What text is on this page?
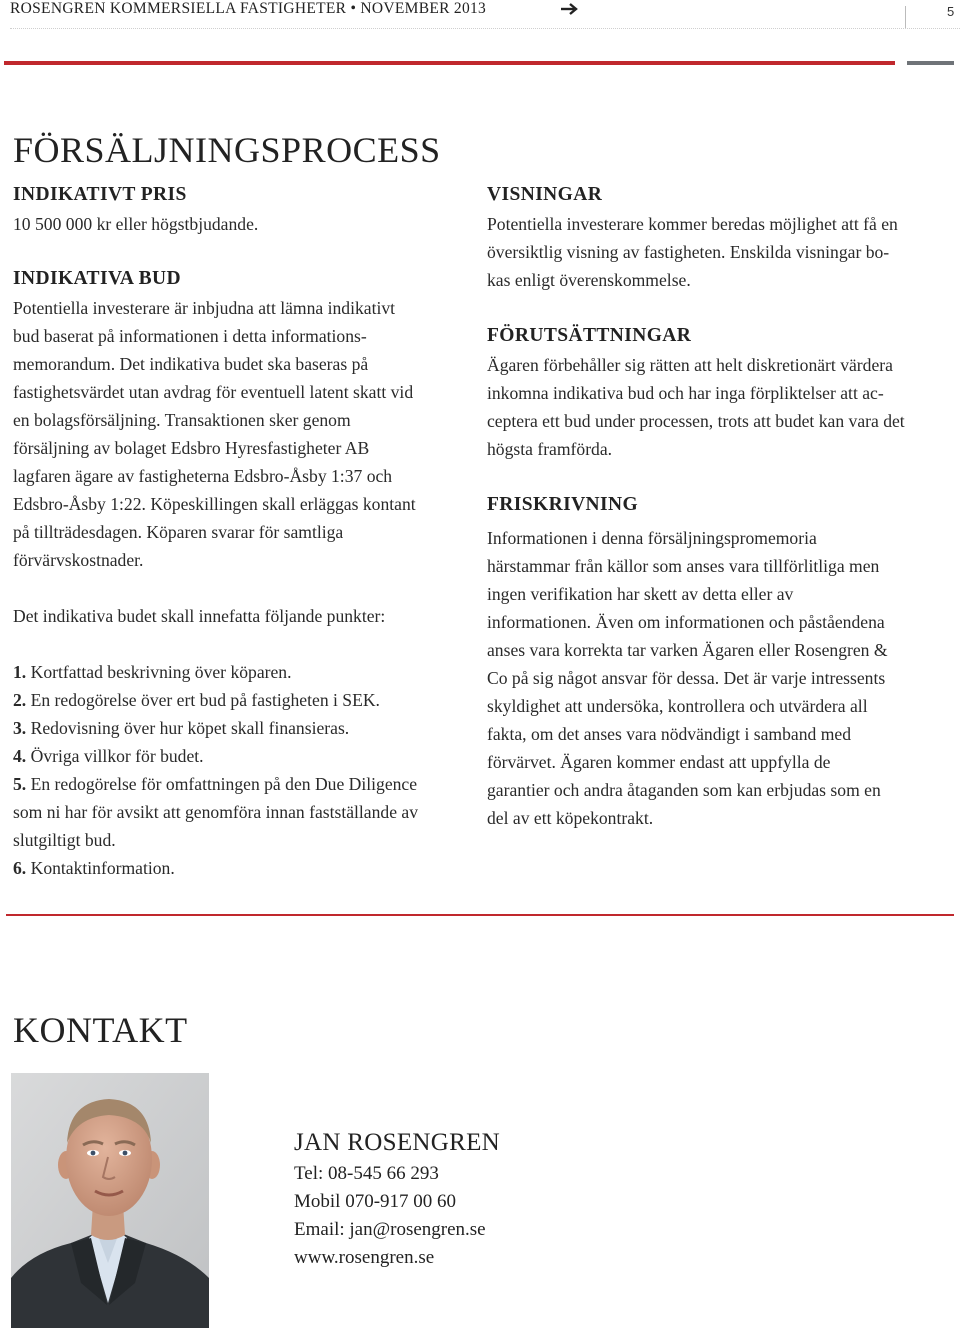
ROSENGREN KOMMERSIELLA FASTIGHETER • NOVEMBER 2013	5
FÖRSÄLJNINGSPROCESS
INDIKATIVT PRIS

10 500 000 kr eller högstbjudande.

INDIKATIVA BUD

Potentiella investerare är inbjudna att lämna indikativt

bud baserat på informationen i detta informations-

memorandum. Det indikativa budet ska baseras på

fastighetsvärdet utan avdrag för eventuell latent skatt vid

en bolagsförsäljning. Transaktionen sker genom

försäljning av bolaget Edsbro Hyresfastigheter AB

lagfaren ägare av fastigheterna Edsbro-Åsby 1:37 och

Edsbro-Åsby 1:22. Köpeskillingen skall erläggas kontant

på tillträdesdagen. Köparen svarar för samtliga

förvärvskostnader.

Det indikativa budet skall innefatta följande punkter:

1. Kortfattad beskrivning över köparen.

2. En redogörelse över ert bud på fastigheten i SEK.

3. Redovisning över hur köpet skall finansieras.

4. Övriga villkor för budet.

5. En redogörelse för omfattningen på den Due Diligence

som ni har för avsikt att genomföra innan fastställande av

slutgiltigt bud.

6. Kontaktinformation.

VISNINGAR

Potentiella investerare kommer beredas möjlighet att få en

översiktlig visning av fastigheten. Enskilda visningar bo-

kas enligt överenskommelse.

FÖRUTSÄTTNINGAR

Ägaren förbehåller sig rätten att helt diskretionärt värdera

inkomna indikativa bud och har inga förpliktelser att ac-

ceptera ett bud under processen, trots att budet kan vara det

högsta framförda.

FRISKRIVNING

Informationen i denna försäljningspromemoria

härstammar från källor som anses vara tillförlitliga men

ingen verifikation har skett av detta eller av

informationen. Även om informationen och påståendena

anses vara korrekta tar varken Ägaren eller Rosengren &

Co på sig något ansvar för dessa. Det är varje intressents

skyldighet att undersöka, kontrollera och utvärdera all

fakta, om det anses vara nödvändigt i samband med

förvärvet. Ägaren kommer endast att uppfylla de

garantier och andra åtaganden som kan erbjudas som en

del av ett köpekontrakt.

KONTAKT
JAN ROSENGREN

Tel: 08-545 66 293

Mobil 070-917 00 60

Email: jan@rosengren.se

www.rosengren.se
